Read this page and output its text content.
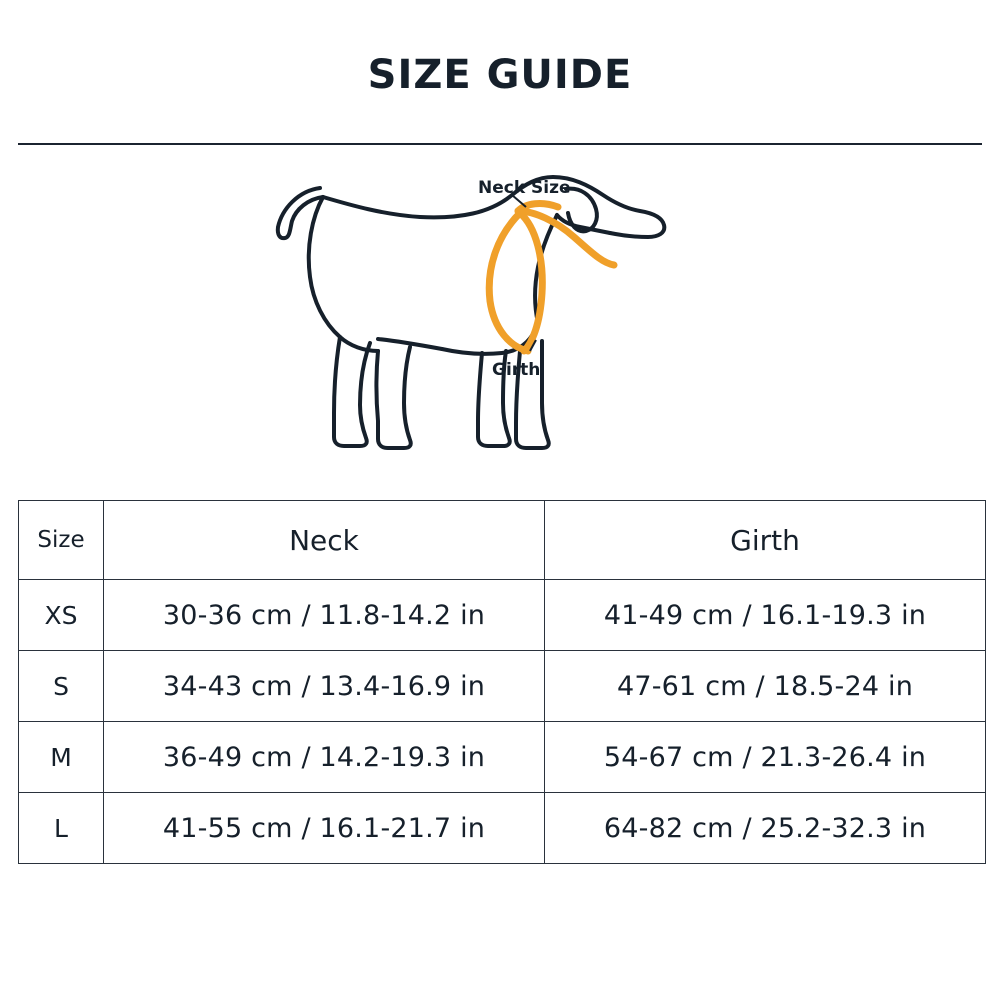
SIZE GUIDE
Neck Size
Girth
Size	Neck	Girth
XS	30-36 cm / 11.8-14.2 in	41-49 cm / 16.1-19.3 in
S	34-43 cm / 13.4-16.9 in	47-61 cm / 18.5-24 in
M	36-49 cm / 14.2-19.3 in	54-67 cm / 21.3-26.4 in
L	41-55 cm / 16.1-21.7 in	64-82 cm / 25.2-32.3 in
